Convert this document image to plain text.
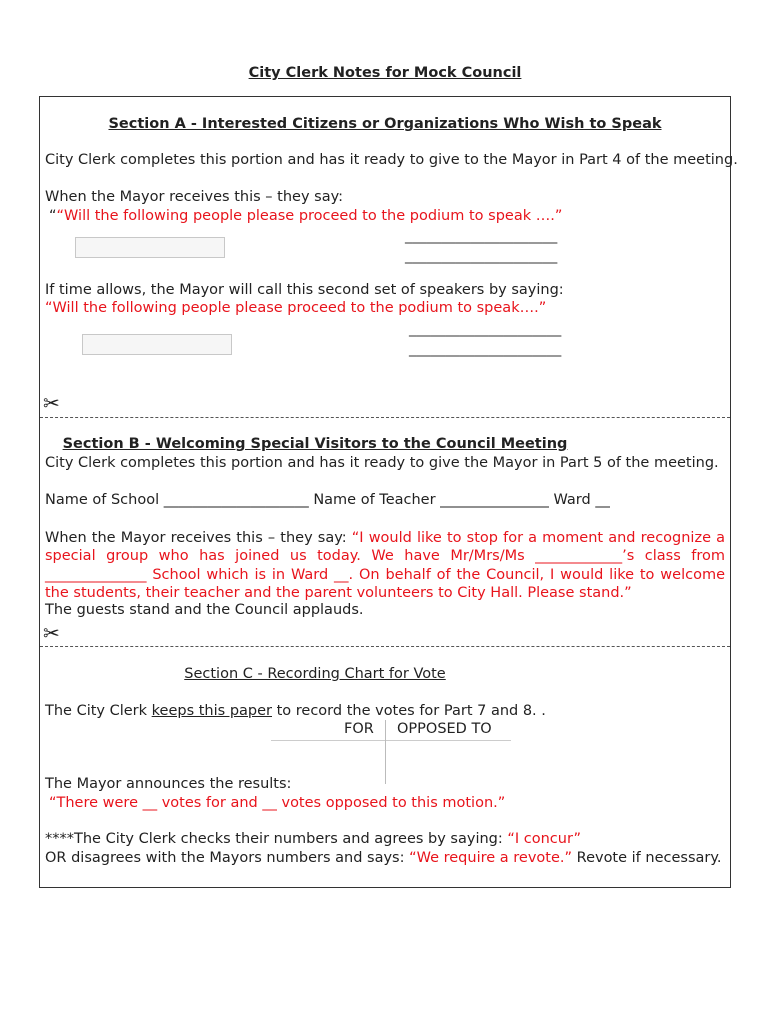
City Clerk Notes for Mock Council
Section A - Interested Citizens or Organizations Who Wish to Speak
City Clerk completes this portion and has it ready to give to the Mayor in Part 4 of the meeting.
When the Mayor receives this – they say:
““Will the following people please proceed to the podium to speak ….”
_____________________
_____________________
If time allows, the Mayor will call this second set of speakers by saying:
“Will the following people please proceed to the podium to speak….”
_____________________
_____________________
✂
Section B - Welcoming Special Visitors to the Council Meeting
City Clerk completes this portion and has it ready to give the Mayor in Part 5 of the meeting.
Name of School ____________________ Name of Teacher _______________ Ward __
When the Mayor receives this – they say: “I would like to stop for a moment and recognize a special group who has joined us today. We have Mr/Mrs/Ms ____________’s class from ______________ School which is in Ward __. On behalf of the Council, I would like to welcome the students, their teacher and the parent volunteers to City Hall. Please stand.”
The guests stand and the Council applauds.
✂
Section C - Recording Chart for Vote
The City Clerk keeps this paper to record the votes for Part 7 and 8. .
FOR OPPOSED TO
The Mayor announces the results:
“There were __ votes for and __ votes opposed to this motion.”
****The City Clerk checks their numbers and agrees by saying: “I concur”
OR disagrees with the Mayors numbers and says: “We require a revote.” Revote if necessary.
